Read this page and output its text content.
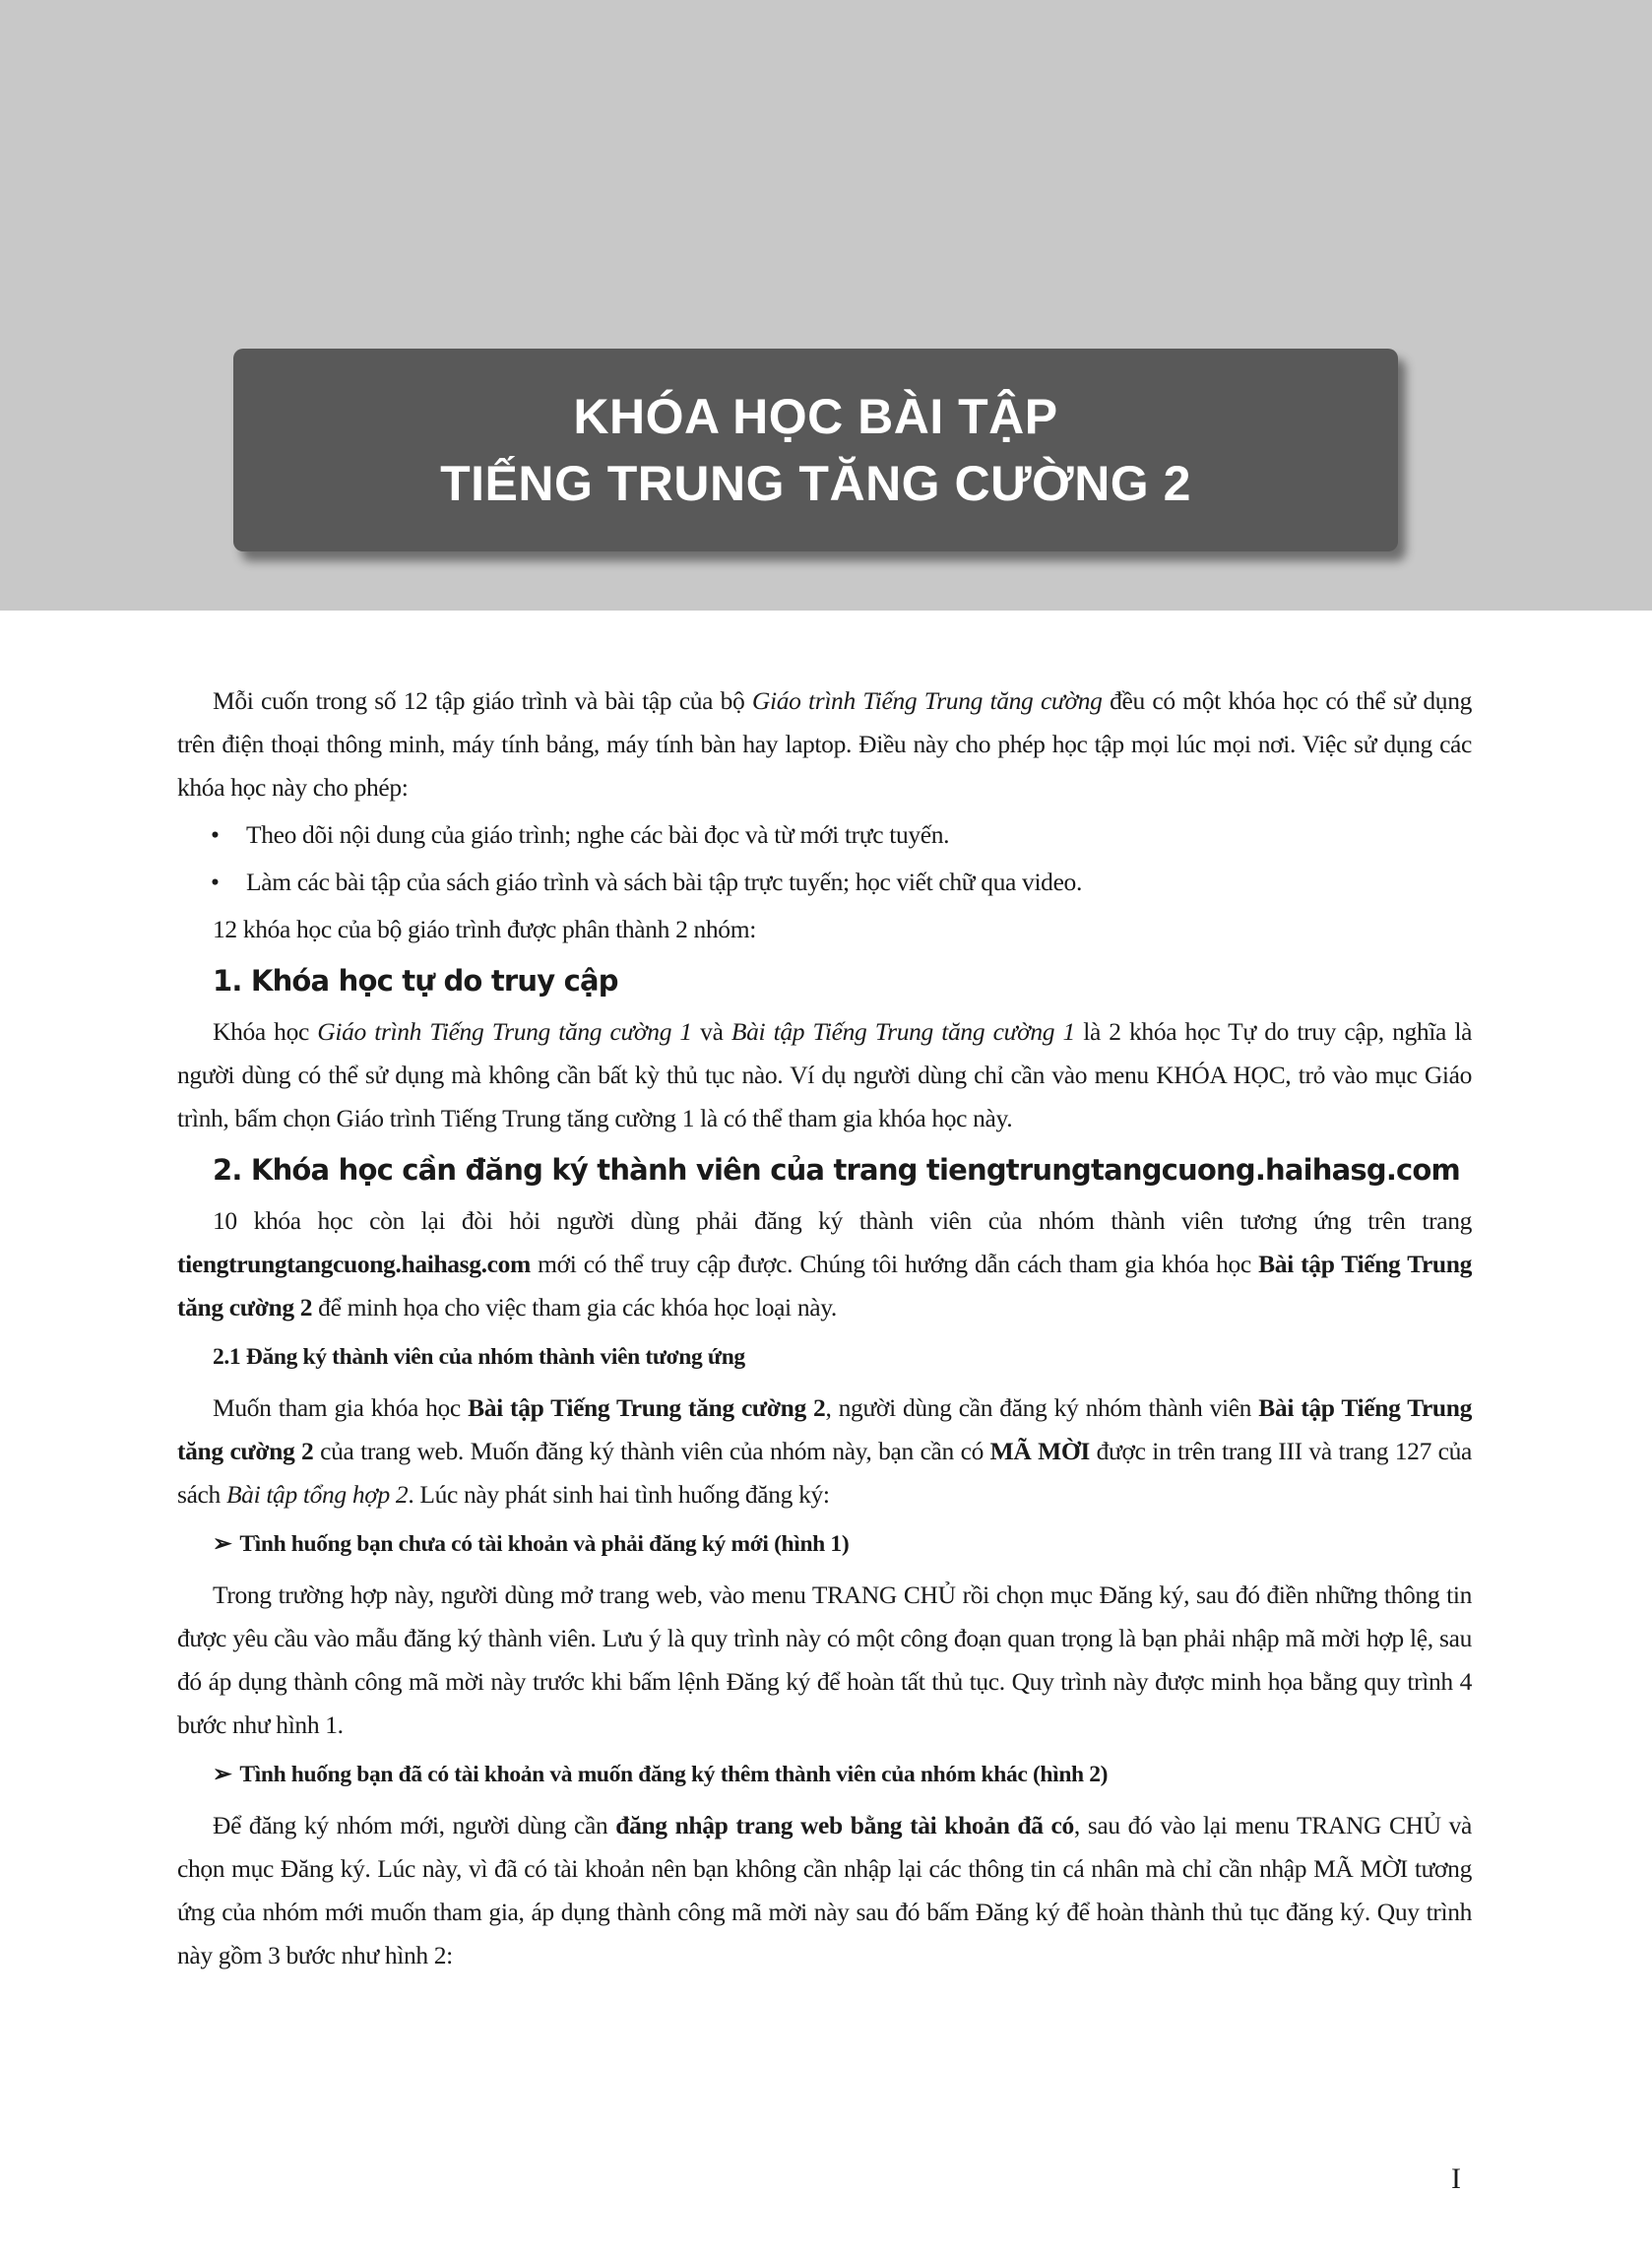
KHÓA HỌC BÀI TẬP
TIẾNG TRUNG TĂNG CƯỜNG 2
Mỗi cuốn trong số 12 tập giáo trình và bài tập của bộ Giáo trình Tiếng Trung tăng cường đều có một khóa học có thể sử dụng trên điện thoại thông minh, máy tính bảng, máy tính bàn hay laptop. Điều này cho phép học tập mọi lúc mọi nơi. Việc sử dụng các khóa học này cho phép:
• Theo dõi nội dung của giáo trình; nghe các bài đọc và từ mới trực tuyến.
• Làm các bài tập của sách giáo trình và sách bài tập trực tuyến; học viết chữ qua video.
12 khóa học của bộ giáo trình được phân thành 2 nhóm:
1. Khóa học tự do truy cập
Khóa học Giáo trình Tiếng Trung tăng cường 1 và Bài tập Tiếng Trung tăng cường 1 là 2 khóa học Tự do truy cập, nghĩa là người dùng có thể sử dụng mà không cần bất kỳ thủ tục nào. Ví dụ người dùng chỉ cần vào menu KHÓA HỌC, trỏ vào mục Giáo trình, bấm chọn Giáo trình Tiếng Trung tăng cường 1 là có thể tham gia khóa học này.
2. Khóa học cần đăng ký thành viên của trang tiengtrungtangcuong.haihasg.com
10 khóa học còn lại đòi hỏi người dùng phải đăng ký thành viên của nhóm thành viên tương ứng trên trang tiengtrungtangcuong.haihasg.com mới có thể truy cập được. Chúng tôi hướng dẫn cách tham gia khóa học Bài tập Tiếng Trung tăng cường 2 để minh họa cho việc tham gia các khóa học loại này.
2.1 Đăng ký thành viên của nhóm thành viên tương ứng
Muốn tham gia khóa học Bài tập Tiếng Trung tăng cường 2, người dùng cần đăng ký nhóm thành viên Bài tập Tiếng Trung tăng cường 2 của trang web. Muốn đăng ký thành viên của nhóm này, bạn cần có MÃ MỜI được in trên trang III và trang 127 của sách Bài tập tổng hợp 2. Lúc này phát sinh hai tình huống đăng ký:
➢ Tình huống bạn chưa có tài khoản và phải đăng ký mới (hình 1)
Trong trường hợp này, người dùng mở trang web, vào menu TRANG CHỦ rồi chọn mục Đăng ký, sau đó điền những thông tin được yêu cầu vào mẫu đăng ký thành viên. Lưu ý là quy trình này có một công đoạn quan trọng là bạn phải nhập mã mời hợp lệ, sau đó áp dụng thành công mã mời này trước khi bấm lệnh Đăng ký để hoàn tất thủ tục. Quy trình này được minh họa bằng quy trình 4 bước như hình 1.
➢ Tình huống bạn đã có tài khoản và muốn đăng ký thêm thành viên của nhóm khác (hình 2)
Để đăng ký nhóm mới, người dùng cần đăng nhập trang web bằng tài khoản đã có, sau đó vào lại menu TRANG CHỦ và chọn mục Đăng ký. Lúc này, vì đã có tài khoản nên bạn không cần nhập lại các thông tin cá nhân mà chỉ cần nhập MÃ MỜI tương ứng của nhóm mới muốn tham gia, áp dụng thành công mã mời này sau đó bấm Đăng ký để hoàn thành thủ tục đăng ký. Quy trình này gồm 3 bước như hình 2:
I
